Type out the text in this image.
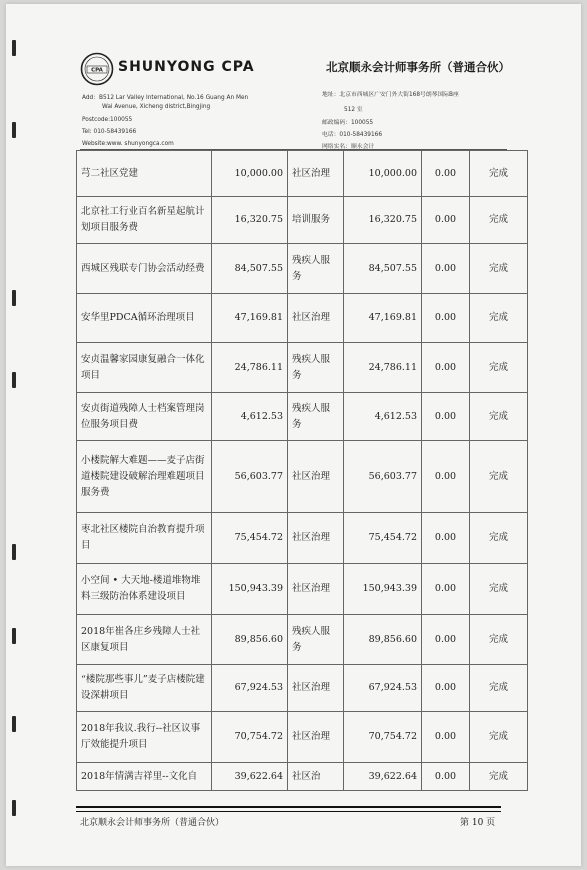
CPA SHUNYONG CPA	北京顺永会计师事务所（普通合伙）
Add：B512 Lar Valley International, No.16 Guang An Men
Wai Avenue, Xicheng district,Bingjing
Postcode:100055
Tel: 010-58439166
Website:www. shunyongca.com
地址：北京市西城区广安门外大街168号朗琴国际B座
512 室
邮政编码：100055
电话：010-58439166
网络实名：顺永会计
芎二社区党建	10,000.00	社区治理	10,000.00	0.00	完成
北京社工行业百名新星起航计划项目服务费	16,320.75	培训服务	16,320.75	0.00	完成
西城区残联专门协会活动经费	84,507.55	残疾人服务	84,507.55	0.00	完成
安华里PDCA循环治理项目	47,169.81	社区治理	47,169.81	0.00	完成
安贞温馨家园康复融合一体化项目	24,786.11	残疾人服务	24,786.11	0.00	完成
安贞街道残障人士档案管理岗位服务项目费	4,612.53	残疾人服务	4,612.53	0.00	完成
小楼院解大难题——麦子店街道楼院建设破解治理难题项目服务费	56,603.77	社区治理	56,603.77	0.00	完成
枣北社区楼院自治教育提升项目	75,454.72	社区治理	75,454.72	0.00	完成
小空间 • 大天地-楼道堆物堆料三级防治体系建设项目	150,943.39	社区治理	150,943.39	0.00	完成
2018年崔各庄乡残障人士社区康复项目	89,856.60	残疾人服务	89,856.60	0.00	完成
“楼院那些事儿”麦子店楼院建设深耕项目	67,924.53	社区治理	67,924.53	0.00	完成
2018年我议.我行--社区议事厅效能提升项目	70,754.72	社区治理	70,754.72	0.00	完成
2018年情满吉祥里--文化自	39,622.64	社区治	39,622.64	0.00	完成
北京顺永会计师事务所（普通合伙）	第 10 页
